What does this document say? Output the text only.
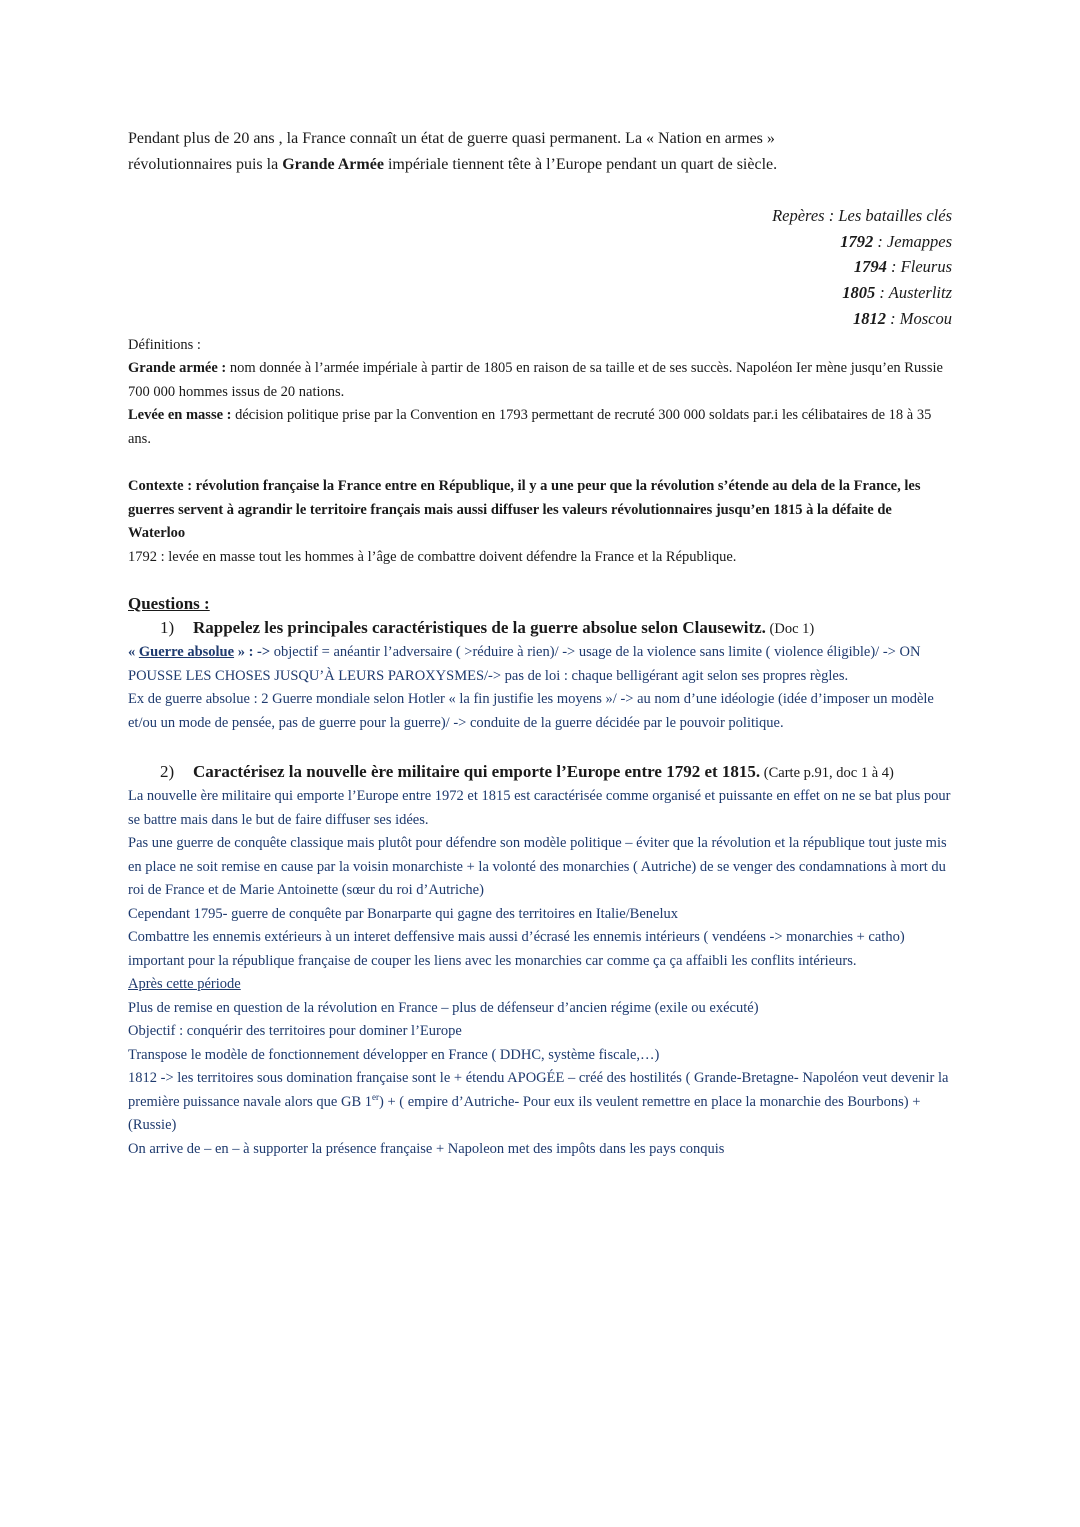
Pendant plus de 20 ans , la France connaît un état de guerre quasi permanent. La « Nation en armes »
révolutionnaires puis la Grande Armée impériale tiennent tête à l’Europe pendant un quart de siècle.

Repères : Les batailles clés
1792 : Jemappes
1794 : Fleurus
1805 : Austerlitz
1812 : Moscou

Définitions :

Grande armée : nom donnée à l’armée impériale à partir de 1805 en raison de sa taille et de ses succès. Napoléon Ier mène jusqu’en Russie 700 000 hommes issus de 20 nations.

Levée en masse : décision politique prise par la Convention en 1793 permettant de recruté 300 000 soldats par.i les célibataires de 18 à 35 ans.

Contexte : révolution française la France entre en République, il y a une peur que la révolution s’étende au dela de la France, les guerres servent à agrandir le territoire français mais aussi diffuser les valeurs révolutionnaires jusqu’en 1815 à la défaite de Waterloo

1792 : levée en masse tout les hommes à l’âge de combattre doivent défendre la France et la République.

Questions :

1) Rappelez les principales caractéristiques de la guerre absolue selon Clausewitz. (Doc 1)

« Guerre absolue » : -> objectif = anéantir l’adversaire ( >réduire à rien)/ -> usage de la violence sans limite ( violence éligible)/ -> ON POUSSE LES CHOSES JUSQU’À LEURS PAROXYSMES/-> pas de loi : chaque belligérant agit selon ses propres règles.

Ex de guerre absolue : 2 Guerre mondiale selon Hotler « la fin justifie les moyens »/ -> au nom d’une idéologie (idée d’imposer un modèle et/ou un mode de pensée, pas de guerre pour la guerre)/ -> conduite de la guerre décidée par le pouvoir politique.

2) Caractérisez la nouvelle ère militaire qui emporte l’Europe entre 1792 et 1815. (Carte p.91, doc 1 à 4)

La nouvelle ère militaire qui emporte l’Europe entre 1972 et 1815 est caractérisée comme organisé et puissante en effet on ne se bat plus pour se battre mais dans le but de faire diffuser ses idées.

Pas une guerre de conquête classique mais plutôt pour défendre son modèle politique – éviter que la révolution et la république tout juste mis en place ne soit remise en cause par la voisin monarchiste + la volonté des monarchies ( Autriche) de se venger des condamnations à mort du roi de France et de Marie Antoinette (sœur du roi d’Autriche)

Cependant 1795- guerre de conquête par Bonarparte qui gagne des territoires en Italie/Benelux

Combattre les ennemis extérieurs à un interet deffensive mais aussi d’écrasé les ennemis intérieurs ( vendéens -> monarchies + catho) important pour la république française de couper les liens avec les monarchies car comme ça ça affaibli les conflits intérieurs.

Après cette période

Plus de remise en question de la révolution en France – plus de défenseur d’ancien régime (exile ou exécuté)

Objectif : conquérir des territoires pour dominer l’Europe

Transpose le modèle de fonctionnement développer en France ( DDHC, système fiscale,…)

1812 -> les territoires sous domination française sont le + étendu APOGÉE – créé des hostilités ( Grande-Bretagne- Napoléon veut devenir la première puissance navale alors que GB 1er) + ( empire d’Autriche- Pour eux ils veulent remettre en place la monarchie des Bourbons) + (Russie)

On arrive de – en – à supporter la présence française + Napoleon met des impôts dans les pays conquis
